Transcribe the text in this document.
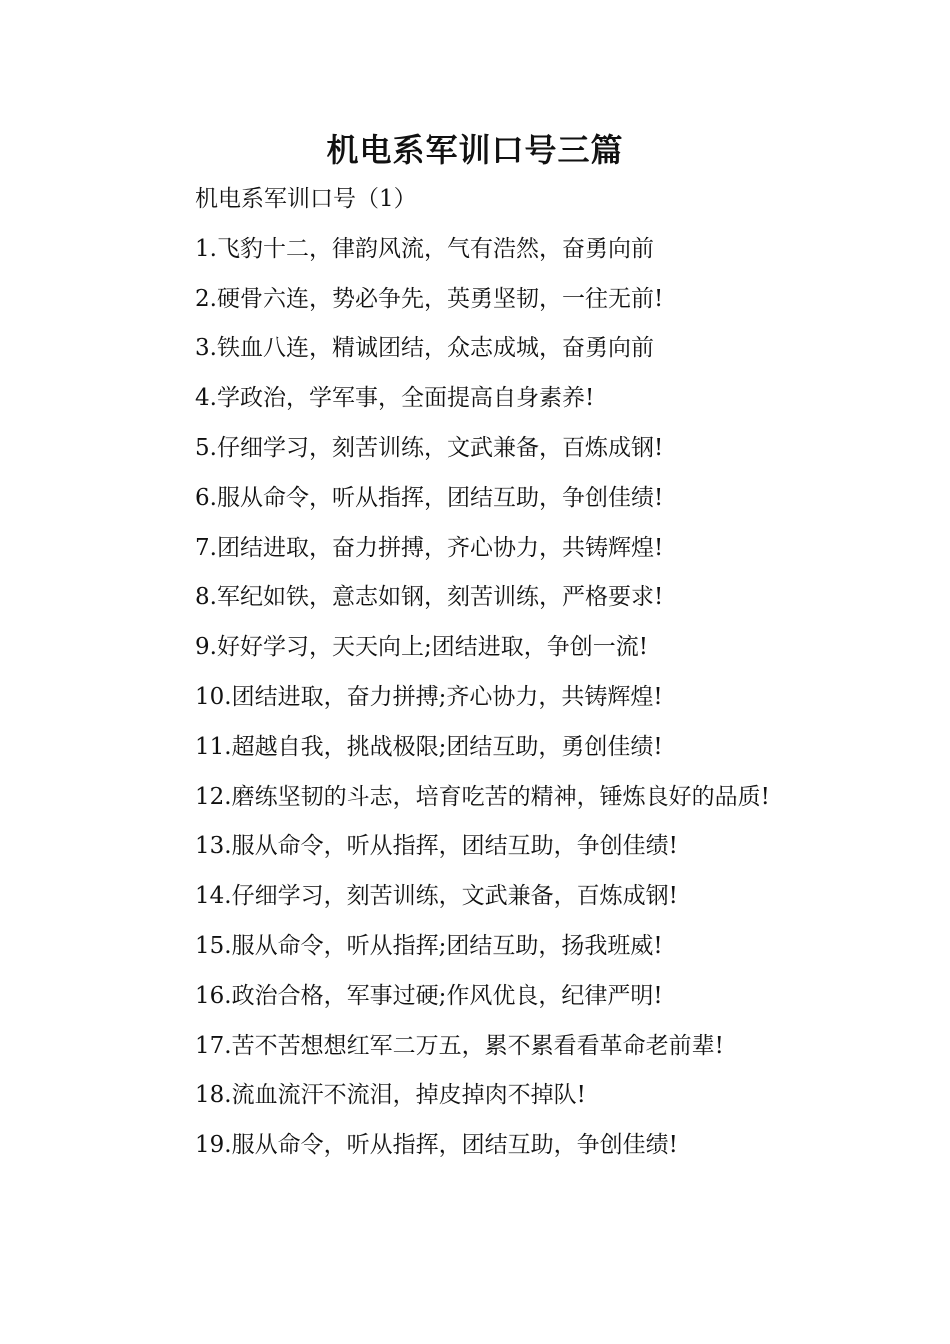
机电系军训口号三篇

机电系军训口号（1）

1.飞豹十二，律韵风流，气有浩然，奋勇向前

2.硬骨六连，势必争先，英勇坚韧，一往无前!

3.铁血八连，精诚团结，众志成城，奋勇向前

4.学政治，学军事，全面提高自身素养!

5.仔细学习，刻苦训练，文武兼备，百炼成钢!

6.服从命令，听从指挥，团结互助，争创佳绩!

7.团结进取，奋力拼搏，齐心协力，共铸辉煌!

8.军纪如铁，意志如钢，刻苦训练，严格要求!

9.好好学习，天天向上;团结进取，争创一流!

10.团结进取，奋力拼搏;齐心协力，共铸辉煌!

11.超越自我，挑战极限;团结互助，勇创佳绩!

12.磨练坚韧的斗志，培育吃苦的精神，锤炼良好的品质!

13.服从命令，听从指挥，团结互助，争创佳绩!

14.仔细学习，刻苦训练，文武兼备，百炼成钢!

15.服从命令，听从指挥;团结互助，扬我班威!

16.政治合格，军事过硬;作风优良，纪律严明!

17.苦不苦想想红军二万五，累不累看看革命老前辈!

18.流血流汗不流泪，掉皮掉肉不掉队!

19.服从命令，听从指挥，团结互助，争创佳绩!
